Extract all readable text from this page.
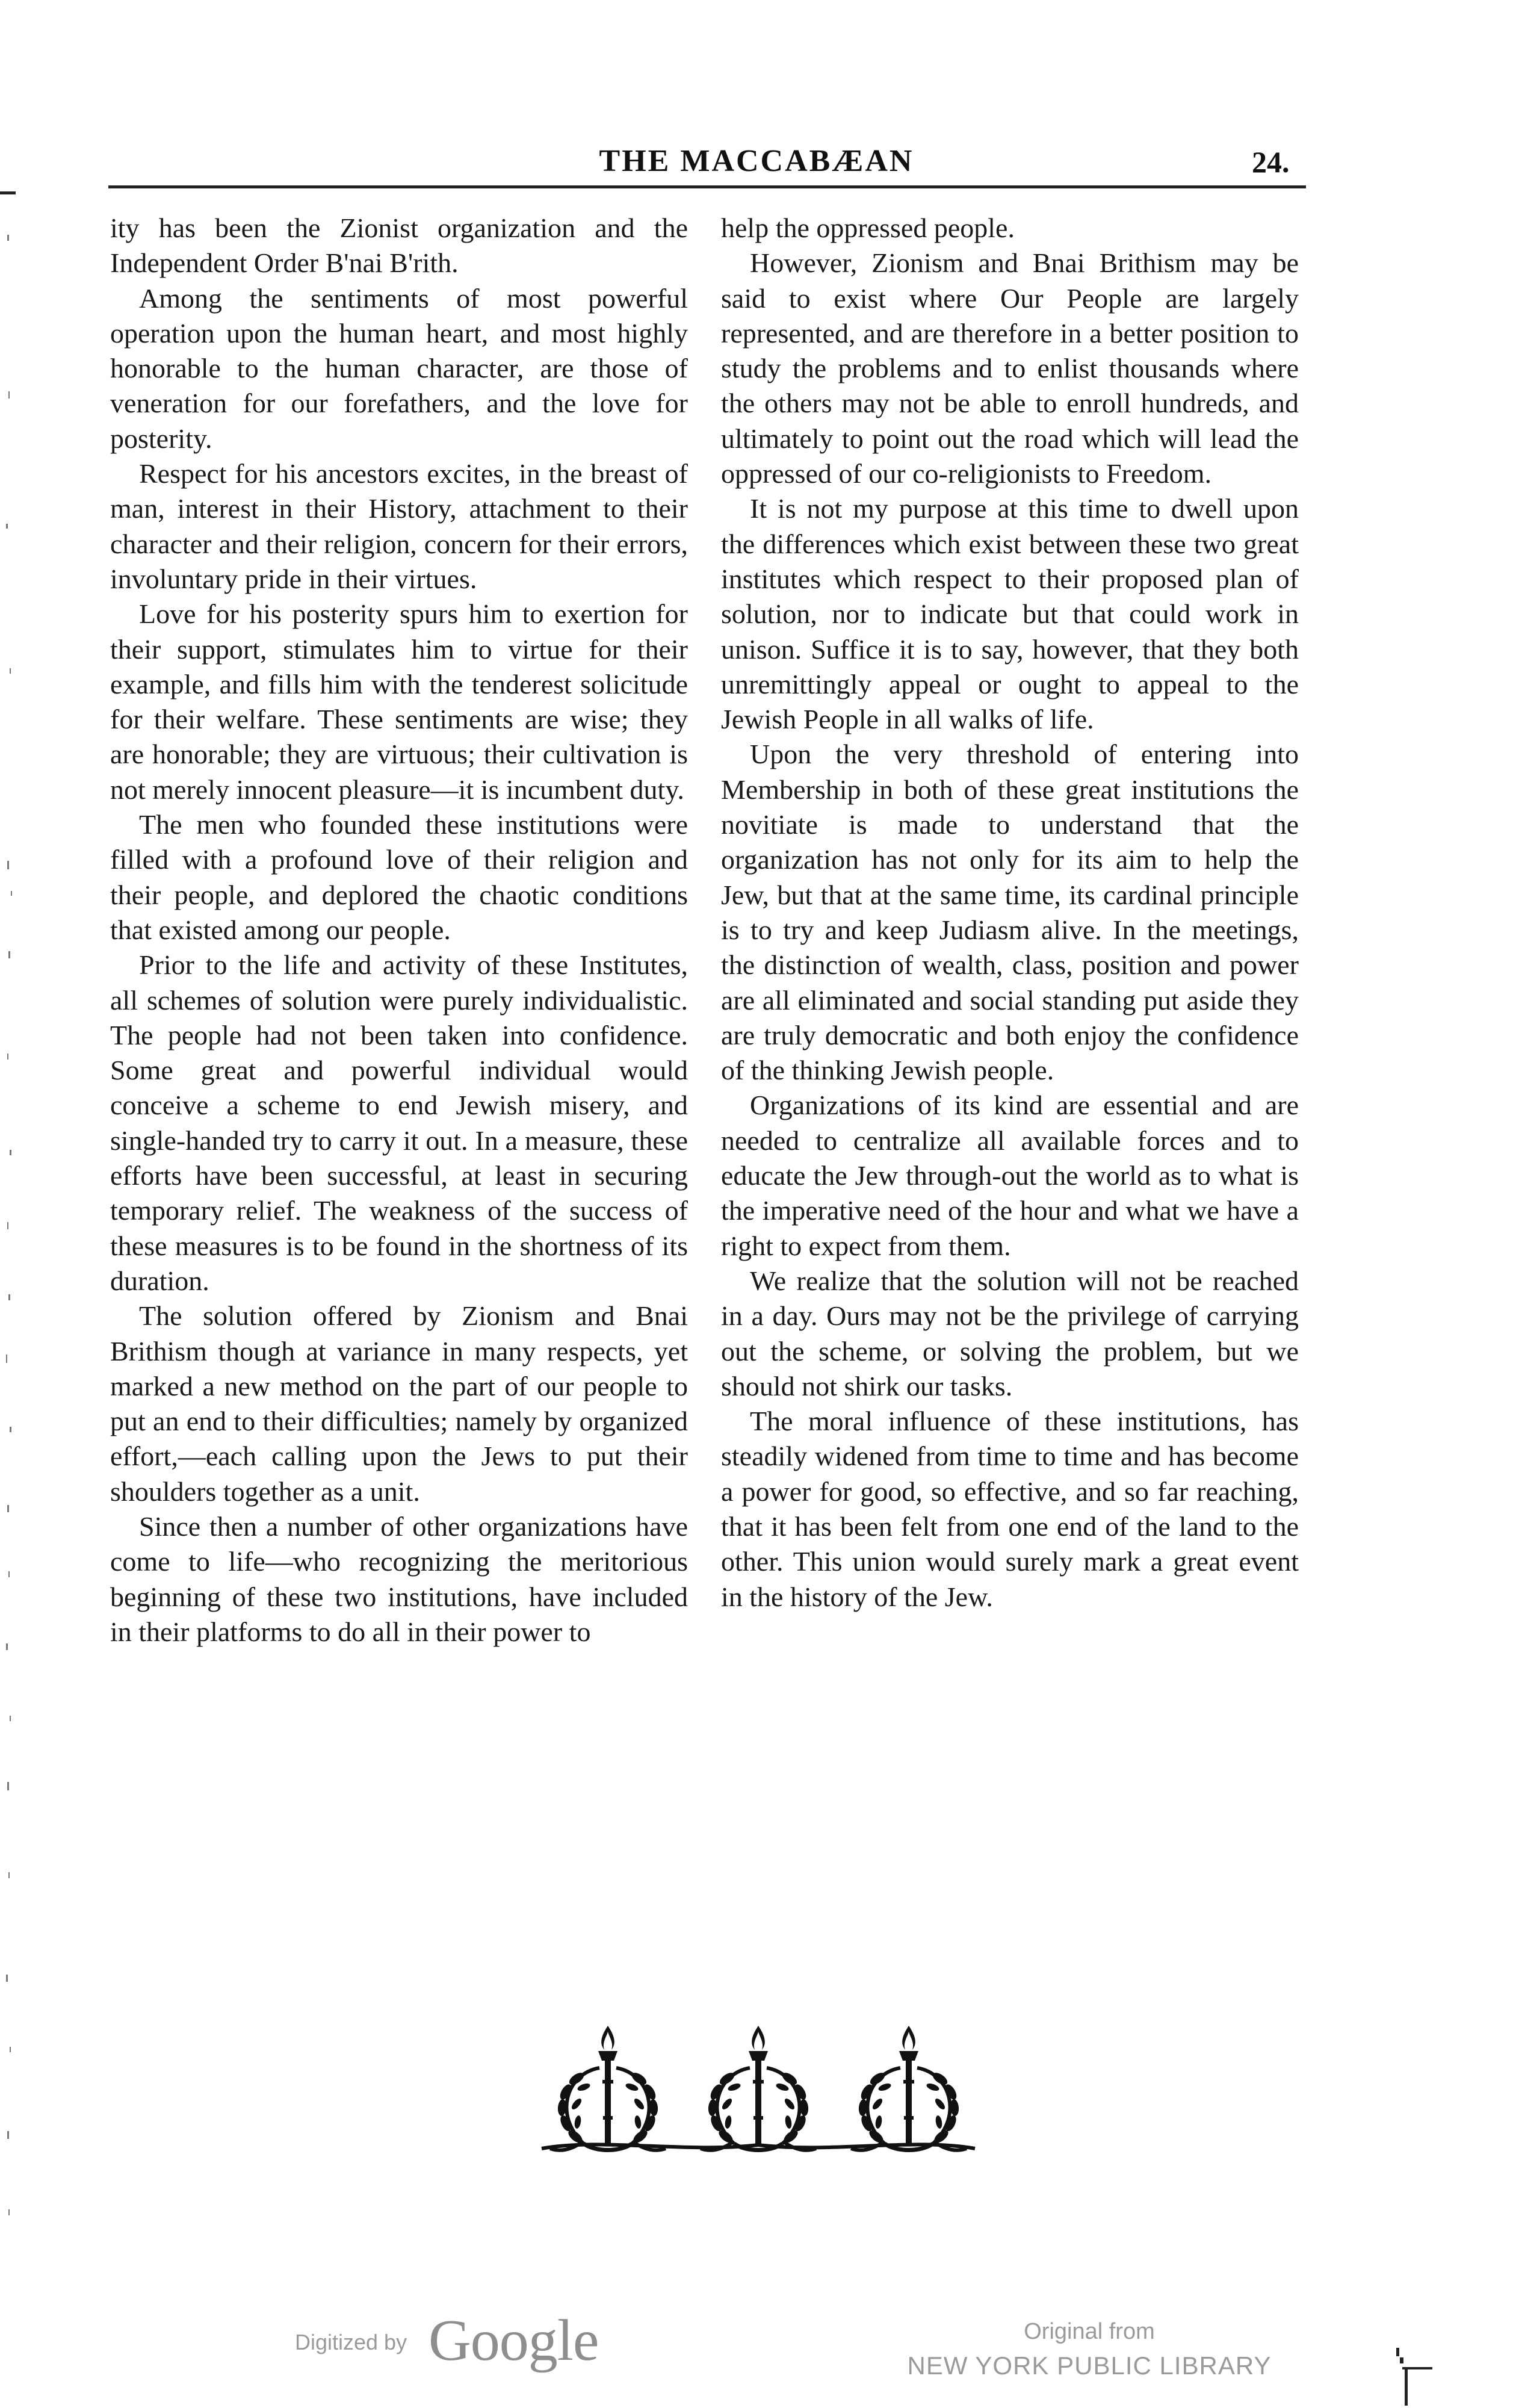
THE MACCABÆAN	24.

ity has been the Zionist organization and the Independent Order B'nai B'rith.

Among the sentiments of most powerful operation upon the human heart, and most highly honorable to the human character, are those of veneration for our forefathers, and the love for posterity.

Respect for his ancestors excites, in the breast of man, interest in their History, attachment to their character and their religion, concern for their errors, involuntary pride in their virtues.

Love for his posterity spurs him to exertion for their support, stimulates him to virtue for their example, and fills him with the tenderest solicitude for their welfare. These sentiments are wise; they are honorable; they are virtuous; their cultivation is not merely innocent pleasure—it is incumbent duty.

The men who founded these institutions were filled with a profound love of their religion and their people, and deplored the chaotic conditions that existed among our people.

Prior to the life and activity of these Institutes, all schemes of solution were purely individualistic. The people had not been taken into confidence. Some great and powerful individual would conceive a scheme to end Jewish misery, and single-handed try to carry it out. In a measure, these efforts have been successful, at least in securing temporary relief. The weakness of the success of these measures is to be found in the shortness of its duration.

The solution offered by Zionism and Bnai Brithism though at variance in many respects, yet marked a new method on the part of our people to put an end to their difficulties; namely by organized effort,—each calling upon the Jews to put their shoulders together as a unit.

Since then a number of other organizations have come to life—who recognizing the meritorious beginning of these two institutions, have included in their platforms to do all in their power to

help the oppressed people.

However, Zionism and Bnai Brithism may be said to exist where Our People are largely represented, and are therefore in a better position to study the problems and to enlist thousands where the others may not be able to enroll hundreds, and ultimately to point out the road which will lead the oppressed of our co-religionists to Freedom.

It is not my purpose at this time to dwell upon the differences which exist between these two great institutes which respect to their proposed plan of solution, nor to indicate but that could work in unison. Suffice it is to say, however, that they both unremittingly appeal or ought to appeal to the Jewish People in all walks of life.

Upon the very threshold of entering into Membership in both of these great institutions the novitiate is made to understand that the organization has not only for its aim to help the Jew, but that at the same time, its cardinal principle is to try and keep Judiasm alive. In the meetings, the distinction of wealth, class, position and power are all eliminated and social standing put aside they are truly democratic and both enjoy the confidence of the thinking Jewish people.

Organizations of its kind are essential and are needed to centralize all available forces and to educate the Jew through-out the world as to what is the imperative need of the hour and what we have a right to expect from them.

We realize that the solution will not be reached in a day. Ours may not be the privilege of carrying out the scheme, or solving the problem, but we should not shirk our tasks.

The moral influence of these institutions, has steadily widened from time to time and has become a power for good, so effective, and so far reaching, that it has been felt from one end of the land to the other. This union would surely mark a great event in the history of the Jew.

Digitized by Google	Original from
NEW YORK PUBLIC LIBRARY
